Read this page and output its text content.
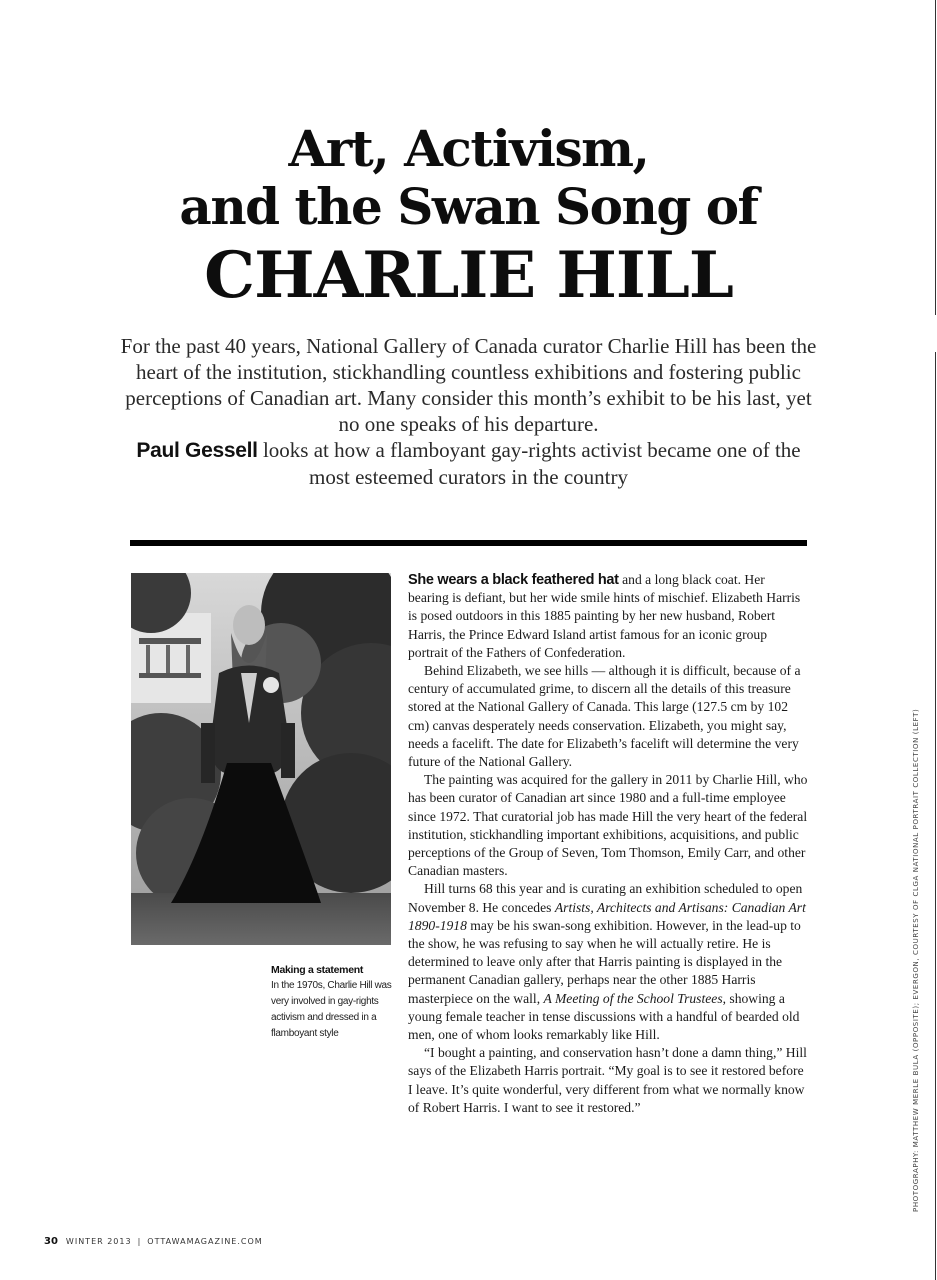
Art, Activism,
and the Swan Song of
CHARLIE HILL
For the past 40 years, National Gallery of Canada curator Charlie Hill has been the heart of the institution, stickhandling countless exhibitions and fostering public perceptions of Canadian art. Many consider this month’s exhibit to be his last, yet no one speaks of his departure.
Paul Gessell looks at how a flamboyant gay-rights activist became one of the most esteemed curators in the country
Making a statement
In the 1970s, Charlie Hill was very involved in gay-rights activism and dressed in a flamboyant style

She wears a black feathered hat and a long black coat. Her bearing is defiant, but her wide smile hints of mischief. Elizabeth Harris is posed outdoors in this 1885 painting by her new husband, Robert Harris, the Prince Edward Island artist famous for an iconic group portrait of the Fathers of Confederation.

Behind Elizabeth, we see hills — although it is difficult, because of a century of accumulated grime, to discern all the details of this treasure stored at the National Gallery of Canada. This large (127.5 cm by 102 cm) canvas desperately needs conservation. Elizabeth, you might say, needs a facelift. The date for Elizabeth’s facelift will determine the very future of the National Gallery.

The painting was acquired for the gallery in 2011 by Charlie Hill, who has been curator of Canadian art since 1980 and a full-time employee since 1972. That curatorial job has made Hill the very heart of the federal institution, stickhandling important exhibitions, acquisitions, and public perceptions of the Group of Seven, Tom Thomson, Emily Carr, and other Canadian masters.

Hill turns 68 this year and is curating an exhibition scheduled to open November 8. He concedes Artists, Architects and Artisans: Canadian Art 1890-1918 may be his swan-song exhibition. However, in the lead-up to the show, he was refusing to say when he will actually retire. He is determined to leave only after that Harris painting is displayed in the permanent Canadian gallery, perhaps near the other 1885 Harris masterpiece on the wall, A Meeting of the School Trustees, showing a young female teacher in tense discussions with a handful of bearded old men, one of whom looks remarkably like Hill.

“I bought a painting, and conservation hasn’t done a damn thing,” Hill says of the Elizabeth Harris portrait. “My goal is to see it restored before I leave. It’s quite wonderful, very different from what we normally know of Robert Harris. I want to see it restored.”

30 WINTER 2013 | OTTAWAMAGAZINE.COM
PHOTOGRAPHY: MATTHEW MERLE BULA (OPPOSITE); EVERGON, COURTESY OF CLGA NATIONAL PORTRAIT COLLECTION (LEFT)
